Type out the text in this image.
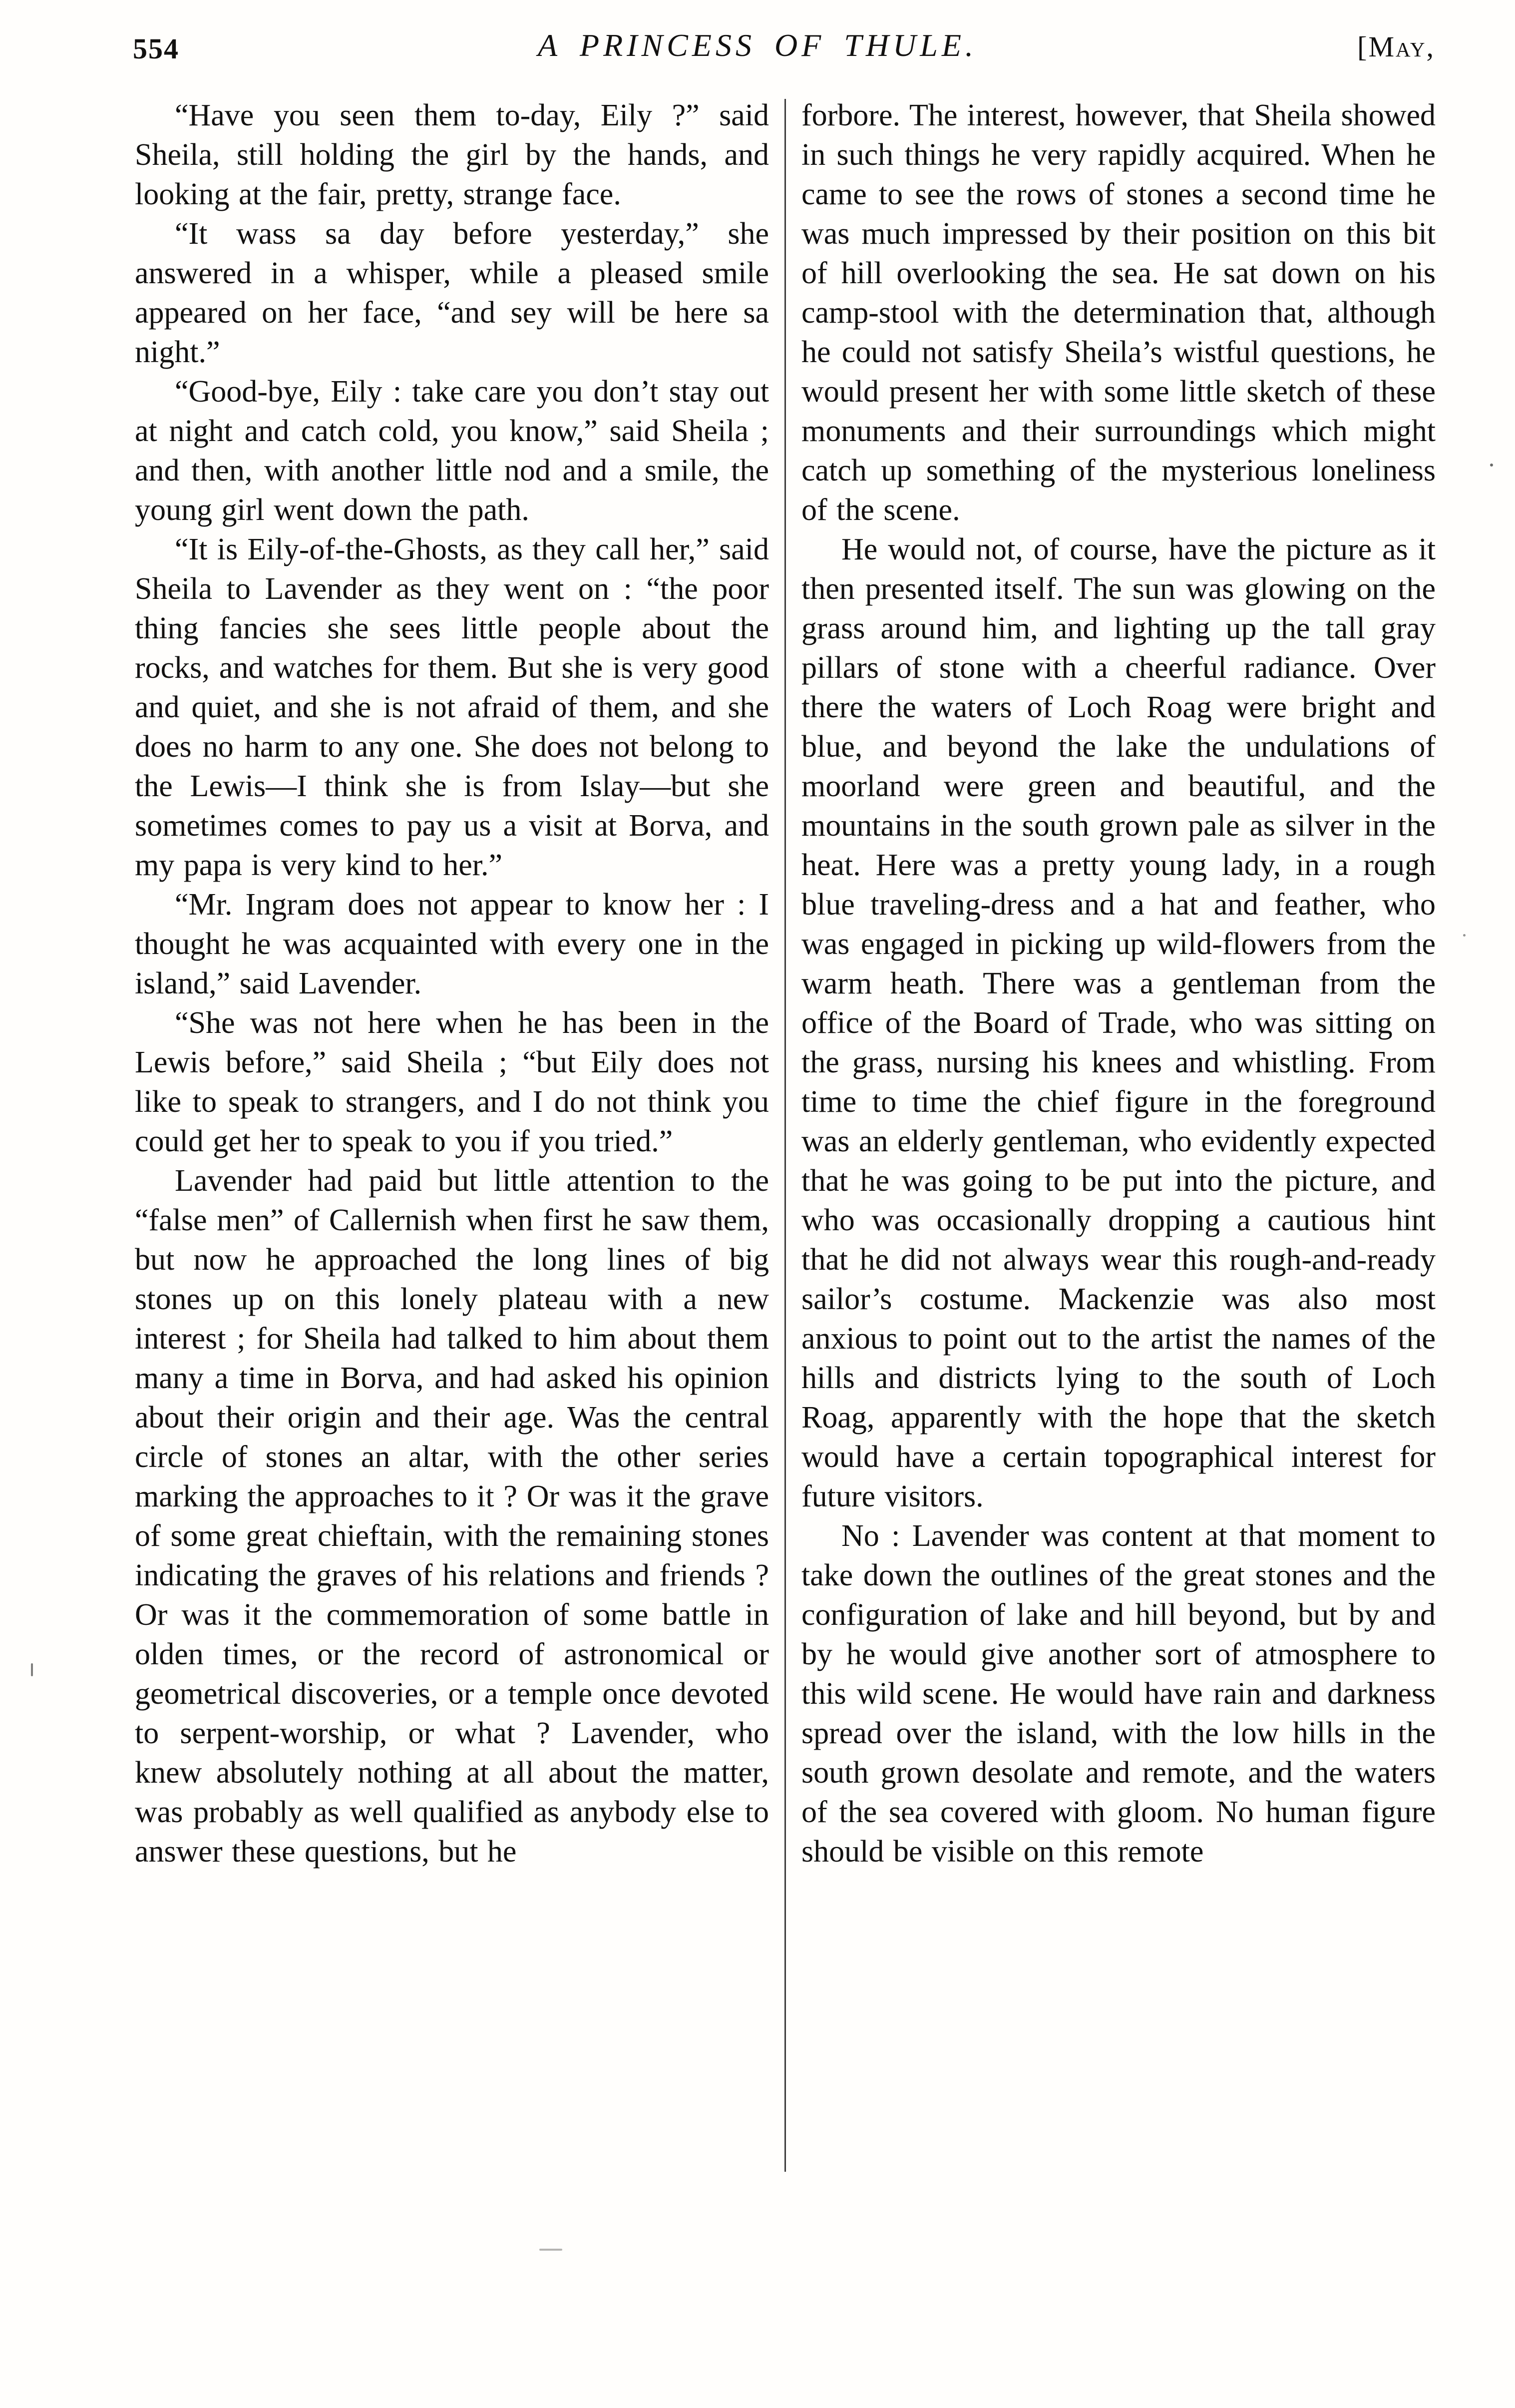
554	A PRINCESS OF THULE.	[May,

“Have you seen them to-day, Eily ?” said Sheila, still holding the girl by the hands, and looking at the fair, pretty, strange face.

“It wass sa day before yesterday,” she answered in a whisper, while a pleased smile appeared on her face, “and sey will be here sa night.”

“Good-bye, Eily : take care you don’t stay out at night and catch cold, you know,” said Sheila ; and then, with another little nod and a smile, the young girl went down the path.

“It is Eily-of-the-Ghosts, as they call her,” said Sheila to Lavender as they went on : “the poor thing fancies she sees little people about the rocks, and watches for them. But she is very good and quiet, and she is not afraid of them, and she does no harm to any one. She does not belong to the Lewis—I think she is from Islay—but she sometimes comes to pay us a visit at Borva, and my papa is very kind to her.”

“Mr. Ingram does not appear to know her : I thought he was acquainted with every one in the island,” said Lavender.

“She was not here when he has been in the Lewis before,” said Sheila ; “but Eily does not like to speak to strangers, and I do not think you could get her to speak to you if you tried.”

Lavender had paid but little attention to the “false men” of Callernish when first he saw them, but now he approached the long lines of big stones up on this lonely plateau with a new interest ; for Sheila had talked to him about them many a time in Borva, and had asked his opinion about their origin and their age. Was the central circle of stones an altar, with the other series marking the approaches to it ? Or was it the grave of some great chieftain, with the remaining stones indicating the graves of his relations and friends ? Or was it the commemoration of some battle in olden times, or the record of astronomical or geometrical discoveries, or a temple once devoted to serpent-worship, or what ? Lavender, who knew absolutely nothing at all about the matter, was probably as well qualified as anybody else to answer these questions, but he

forbore. The interest, however, that Sheila showed in such things he very rapidly acquired. When he came to see the rows of stones a second time he was much impressed by their position on this bit of hill overlooking the sea. He sat down on his camp-stool with the determination that, although he could not satisfy Sheila’s wistful questions, he would present her with some little sketch of these monuments and their surroundings which might catch up something of the mysterious loneliness of the scene.

He would not, of course, have the picture as it then presented itself. The sun was glowing on the grass around him, and lighting up the tall gray pillars of stone with a cheerful radiance. Over there the waters of Loch Roag were bright and blue, and beyond the lake the undulations of moorland were green and beautiful, and the mountains in the south grown pale as silver in the heat. Here was a pretty young lady, in a rough blue traveling-dress and a hat and feather, who was engaged in picking up wild-flowers from the warm heath. There was a gentleman from the office of the Board of Trade, who was sitting on the grass, nursing his knees and whistling. From time to time the chief figure in the foreground was an elderly gentleman, who evidently expected that he was going to be put into the picture, and who was occasionally dropping a cautious hint that he did not always wear this rough-and-ready sailor’s costume. Mackenzie was also most anxious to point out to the artist the names of the hills and districts lying to the south of Loch Roag, apparently with the hope that the sketch would have a certain topographical interest for future visitors.

No : Lavender was content at that moment to take down the outlines of the great stones and the configuration of lake and hill beyond, but by and by he would give another sort of atmosphere to this wild scene. He would have rain and darkness spread over the island, with the low hills in the south grown desolate and remote, and the waters of the sea covered with gloom. No human figure should be visible on this remote
